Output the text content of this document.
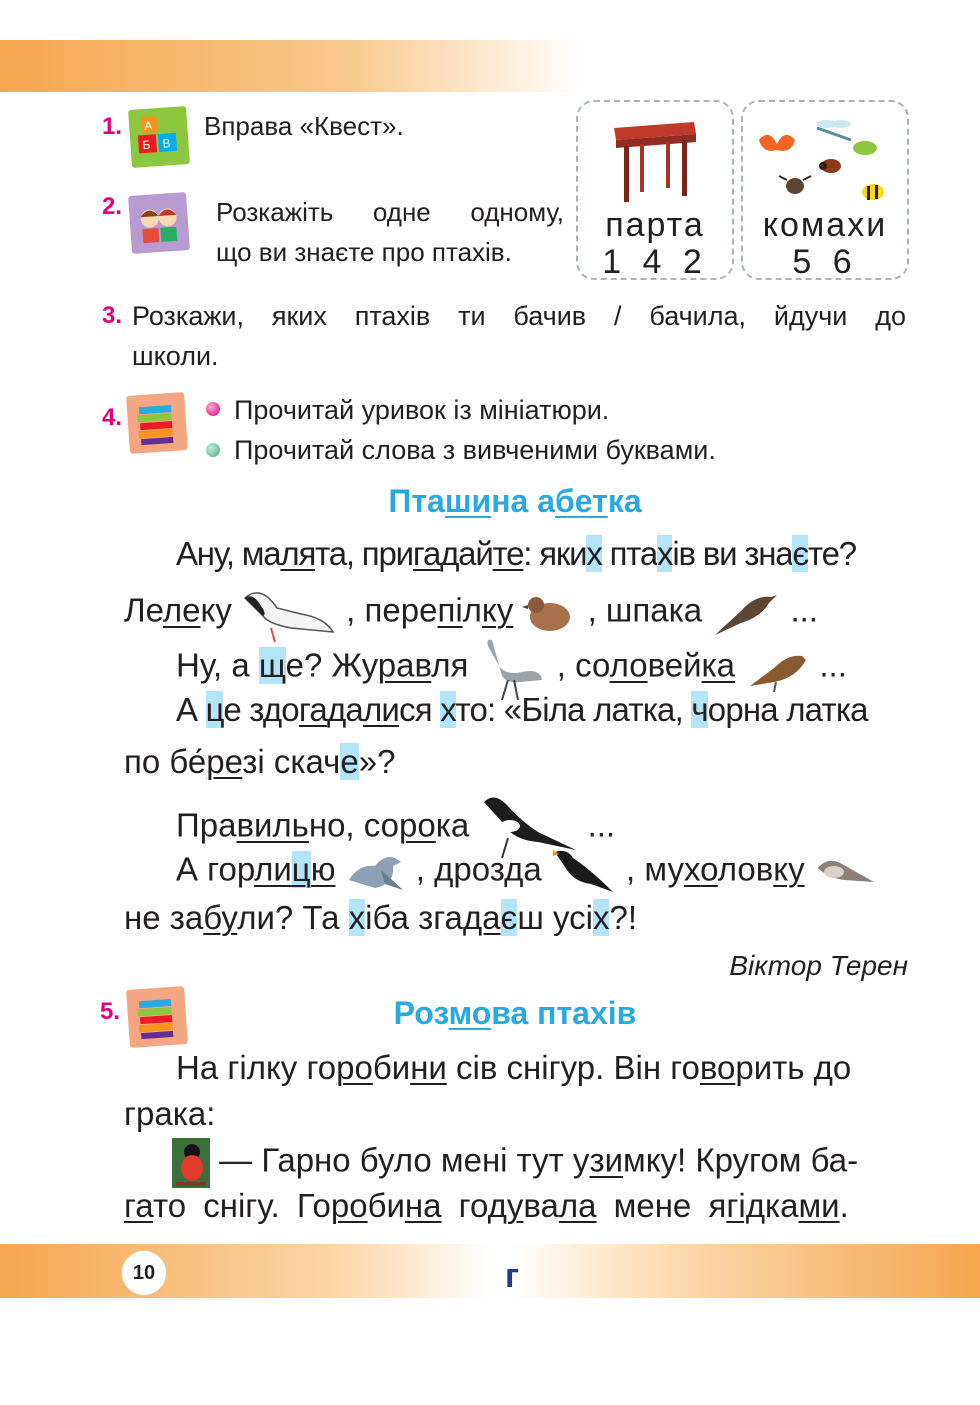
1. А
Б В
Вправа «Квест».
2.	Розкажіть одне одному,
що ви знаєте про птахів.
парта
1 4 2
комахи
5 6
3. Розкажи, яких птахів ти бачив / бачила, йдучи до
школи.
4.	Прочитай уривок із мініатюри.
Прочитай слова з вивченими буквами.
Пташина абетка
Ану, малята, пригадайте: яких птахів ви знаєте?
Лелеку	, перепілку  , шпака  ...
Ну, а ще? Журавля  , соловейка  ...
А це здогадалися хто: «Біла латка, чорна латка
по бе́резі скаче»?
Правильно, сорока	...
А горлицю  , дрозда  , мухоловку
не забули? Та хіба згадаєш усіх?!
Віктор Терен
5.	Розмова птахів
На гілку горобини сів снігур. Він говорить до
грака:
— Гарно було мені тут узимку! Кругом ба-
гато снігу. Горобина годувала мене ягідками.
10	г
